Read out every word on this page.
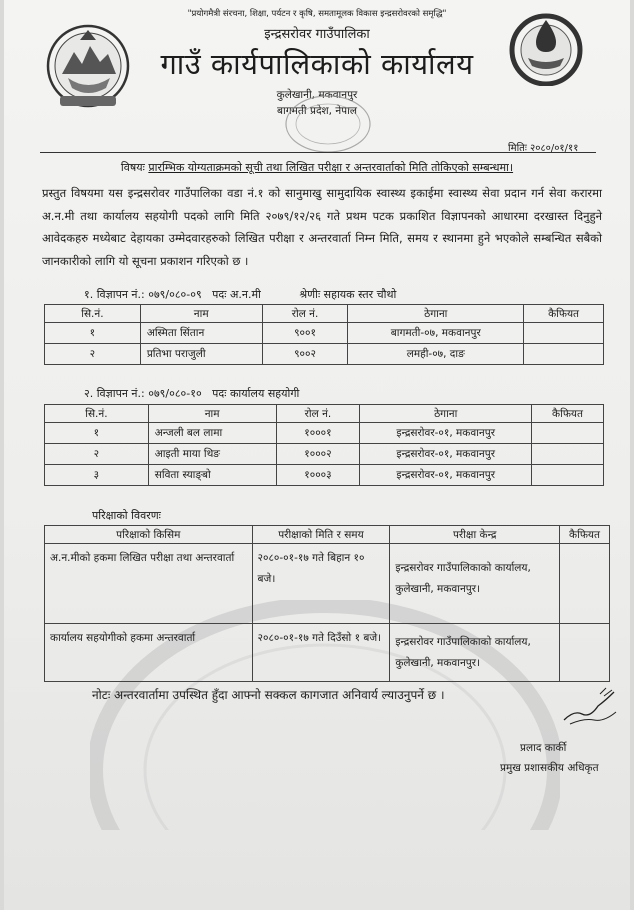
"प्रयोगमैत्री संरचना, शिक्षा, पर्यटन र कृषि, समतामूलक विकास इन्द्रसरोवरको समृद्धि"
इन्द्रसरोवर गाउँपालिका
गाउँ कार्यपालिकाको कार्यालय
कुलेखानी, मकवानपुर
बागमती प्रदेश, नेपाल
मितिः २०८०/०१/११
विषयः प्रारम्भिक योग्यताक्रमको सूची तथा लिखित परीक्षा र अन्तरवार्ताको मिति तोकिएको सम्बन्धमा।
प्रस्तुत विषयमा यस इन्द्रसरोवर गाउँपालिका वडा नं.१ को सानुमाखु सामुदायिक स्वास्थ्य इकाईमा स्वास्थ्य सेवा प्रदान गर्न सेवा करारमा अ.न.मी तथा कार्यालय सहयोगी पदको लागि मिति २०७९/१२/२६ गते प्रथम पटक प्रकाशित विज्ञापनको आधारमा दरखास्त दिनुहुने आवेदकहरु मध्येबाट देहायका उम्मेदवारहरुको लिखित परीक्षा र अन्तरवार्ता निम्न मिति, समय र स्थानमा हुने भएकोले सम्बन्धित सबैको जानकारीको लागि यो सूचना प्रकाशन गरिएको छ ।
१. विज्ञापन नं.: ०७९/०८०-०९   पदः अ.न.मी           श्रेणीः सहायक स्तर चौथो
सि.नं.	नाम	रोल नं.	ठेगाना	कैफियत
१	अस्मिता सिंतान	९००१	बागमती-०७, मकवानपुर	
२	प्रतिभा पराजुली	९००२	लमही-०७, दाङ	
२. विज्ञापन नं.: ०७९/०८०-१०   पदः कार्यालय सहयोगी
सि.नं.	नाम	रोल नं.	ठेगाना	कैफियत
१	अन्जली बल लामा	१०००१	इन्द्रसरोवर-०१, मकवानपुर	
२	आइती माया थिङ	१०००२	इन्द्रसरोवर-०१, मकवानपुर	
३	सविता स्याङ्बो	१०००३	इन्द्रसरोवर-०१, मकवानपुर	
परिक्षाको विवरणः
परिक्षाको किसिम	परीक्षाको मिति र समय	परीक्षा केन्द्र	कैफियत
अ.न.मीको हकमा लिखित परीक्षा तथा अन्तरवार्ता	२०८०-०१-१७ गते बिहान १० बजे।	इन्द्रसरोवर गाउँपालिकाको कार्यालय, कुलेखानी, मकवानपुर।	
कार्यालय सहयोगीको हकमा अन्तरवार्ता	२०८०-०१-१७ गते दिउँसो १ बजे।	इन्द्रसरोवर गाउँपालिकाको कार्यालय, कुलेखानी, मकवानपुर।	
नोटः अन्तरवार्तामा उपस्थित हुँदा आफ्नो सक्कल कागजात अनिवार्य ल्याउनुपर्ने छ ।
प्रलाद कार्की
प्रमुख प्रशासकीय अधिकृत
